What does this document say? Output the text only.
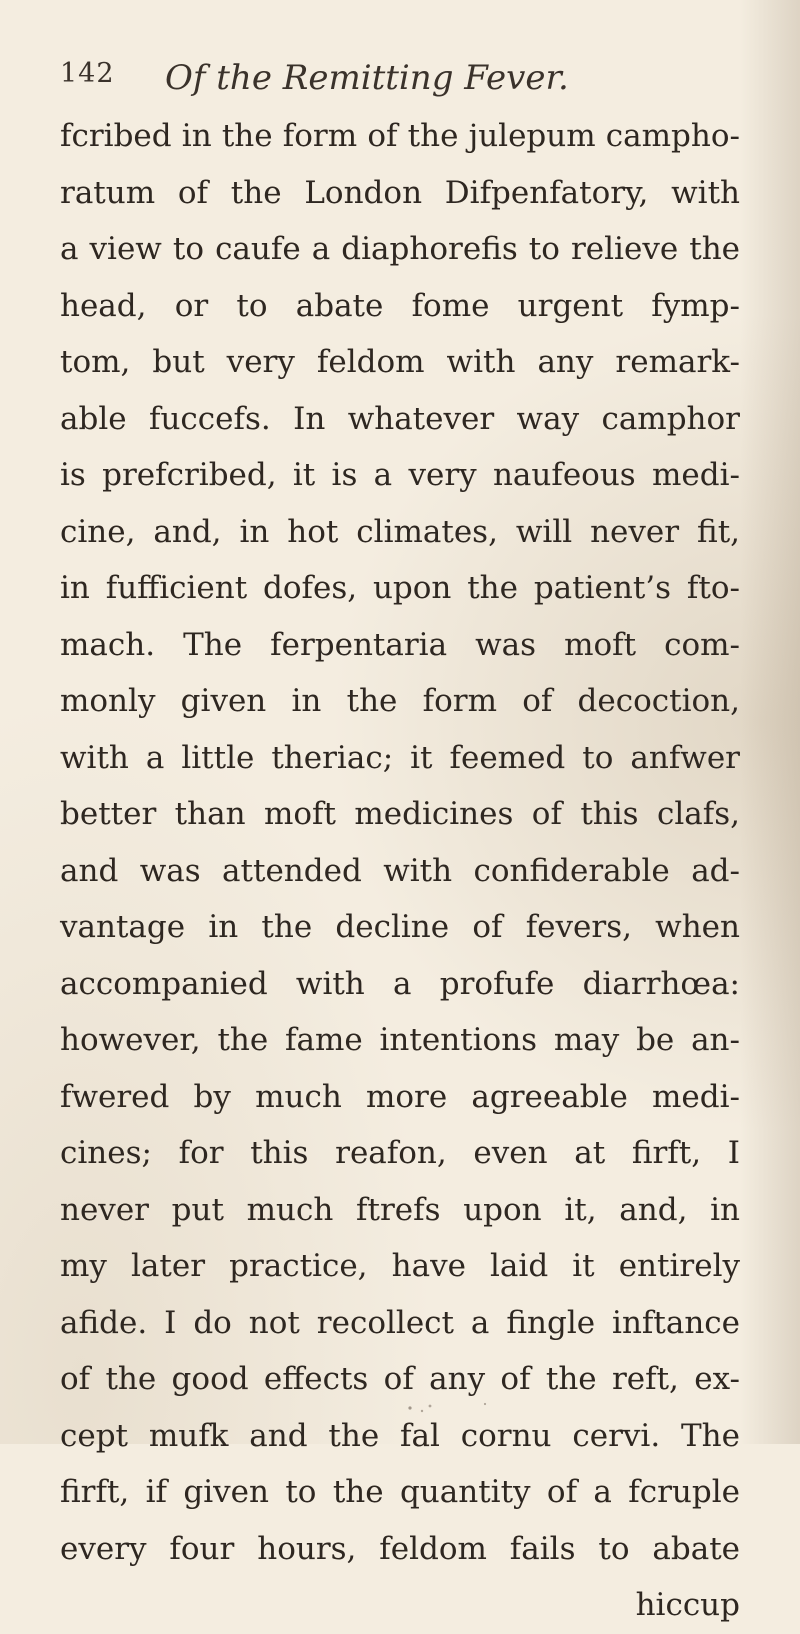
142 Of the Remitting Fever.
fcribed in the form of the julepum campho-
ratum of the London Difpenfatory, with
a view to caufe a diaphorefis to relieve the
head, or to abate fome urgent fymp-
tom, but very feldom with any remark-
able fuccefs. In whatever way camphor
is prefcribed, it is a very naufeous medi-
cine, and, in hot climates, will never fit,
in fufficient dofes, upon the patient’s fto-
mach. The ferpentaria was moft com-
monly given in the form of decoction,
with a little theriac; it feemed to anfwer
better than moft medicines of this clafs,
and was attended with confiderable ad-
vantage in the decline of fevers, when
accompanied with a profufe diarrhœa:
however, the fame intentions may be an-
fwered by much more agreeable medi-
cines; for this reafon, even at firft, I
never put much ftrefs upon it, and, in
my later practice, have laid it entirely
afide. I do not recollect a fingle inftance
of the good effects of any of the reft, ex-
cept mufk and the fal cornu cervi. The
firft, if given to the quantity of a fcruple
every four hours, feldom fails to abate
hiccup
